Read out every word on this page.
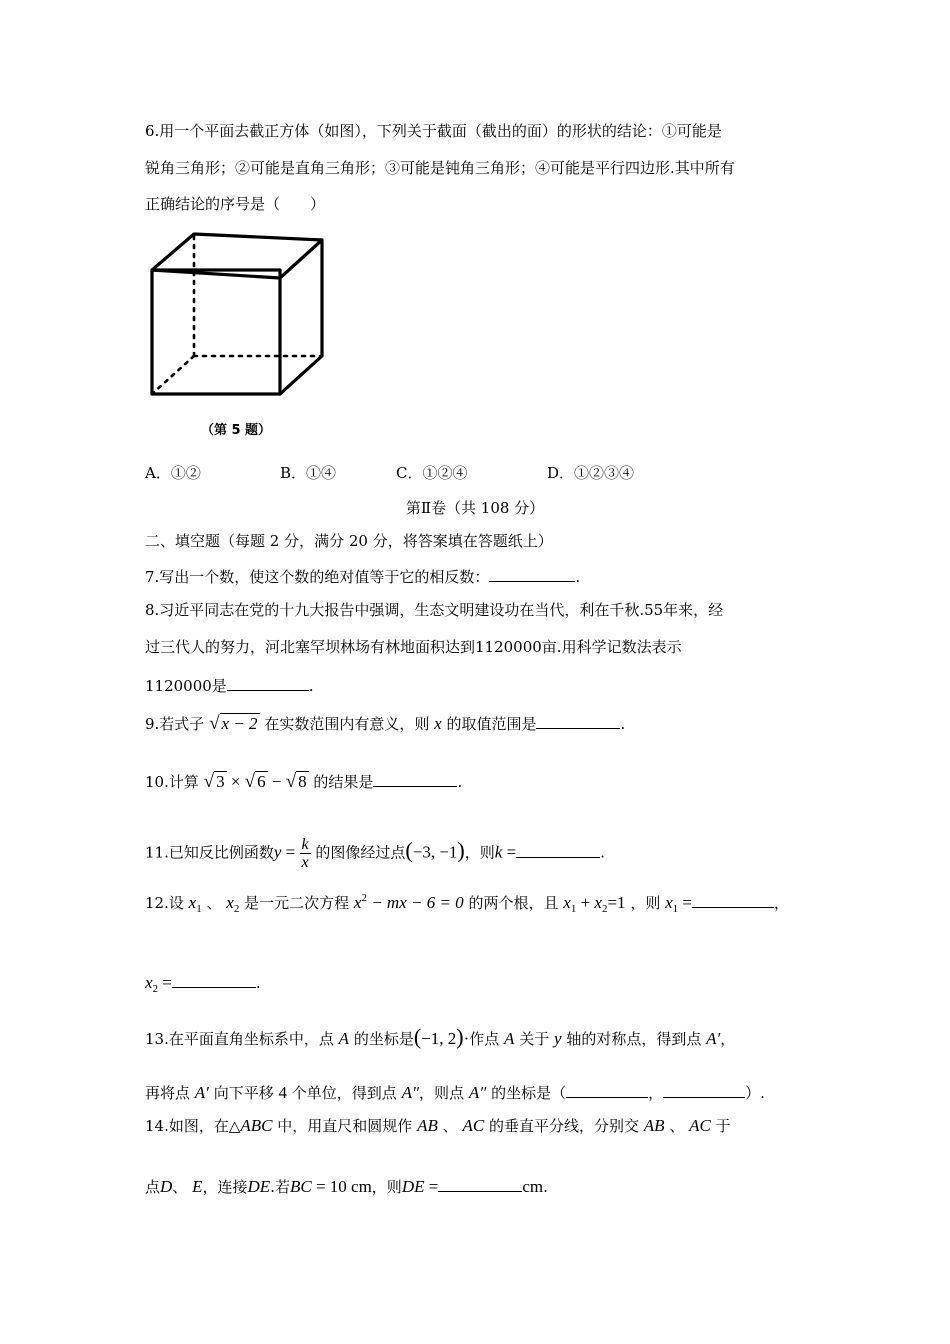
6.用一个平面去截正方体（如图），下列关于截面（截出的面）的形状的结论：①可能是
锐角三角形；②可能是直角三角形；③可能是钝角三角形；④可能是平行四边形.其中所有
正确结论的序号是（　　）
（第 5 题）
A．①②	B．①④	C．①②④	D．①②③④
第Ⅱ卷（共 108 分）
二、填空题（每题 2 分，满分 20 分，将答案填在答题纸上）
7.写出一个数，使这个数的绝对值等于它的相反数：	.
8.习近平同志在党的十九大报告中强调，生态文明建设功在当代，利在千秋.55年来，经
过三代人的努力，河北塞罕坝林场有林地面积达到1120000亩.用科学记数法表示
1120000是	.
9.若式子 √ x − 2 在实数范围内有意义，则 x 的取值范围是	.
10.计算 √ 3 × √ 6 − √ 8 的结果是	.
11.已知反比例函数$y = \frac{k}{x}$ 的图像经过点(−3, −1)，则k =	.
12.设 $x_1$ 、 $x_2$ 是一元二次方程 $x^2$ − mx − 6 = 0 的两个根，且 $x_1 + x_2=1$ ，则 $x_1$ =	，
$x_2$ =	.
13.在平面直角坐标系中，点 A 的坐标是(−1, 2)·作点 A 关于 y 轴的对称点，得到点 A′，
再将点 A′ 向下平移 4 个单位，得到点 A″，则点 A″ 的坐标是（	，	）.
14.如图，在△ABC 中，用直尺和圆规作 AB 、 AC 的垂直平分线，分别交 AB 、 AC 于
点D、 E，连接DE.若BC = 10 cm，则DE =	cm.
